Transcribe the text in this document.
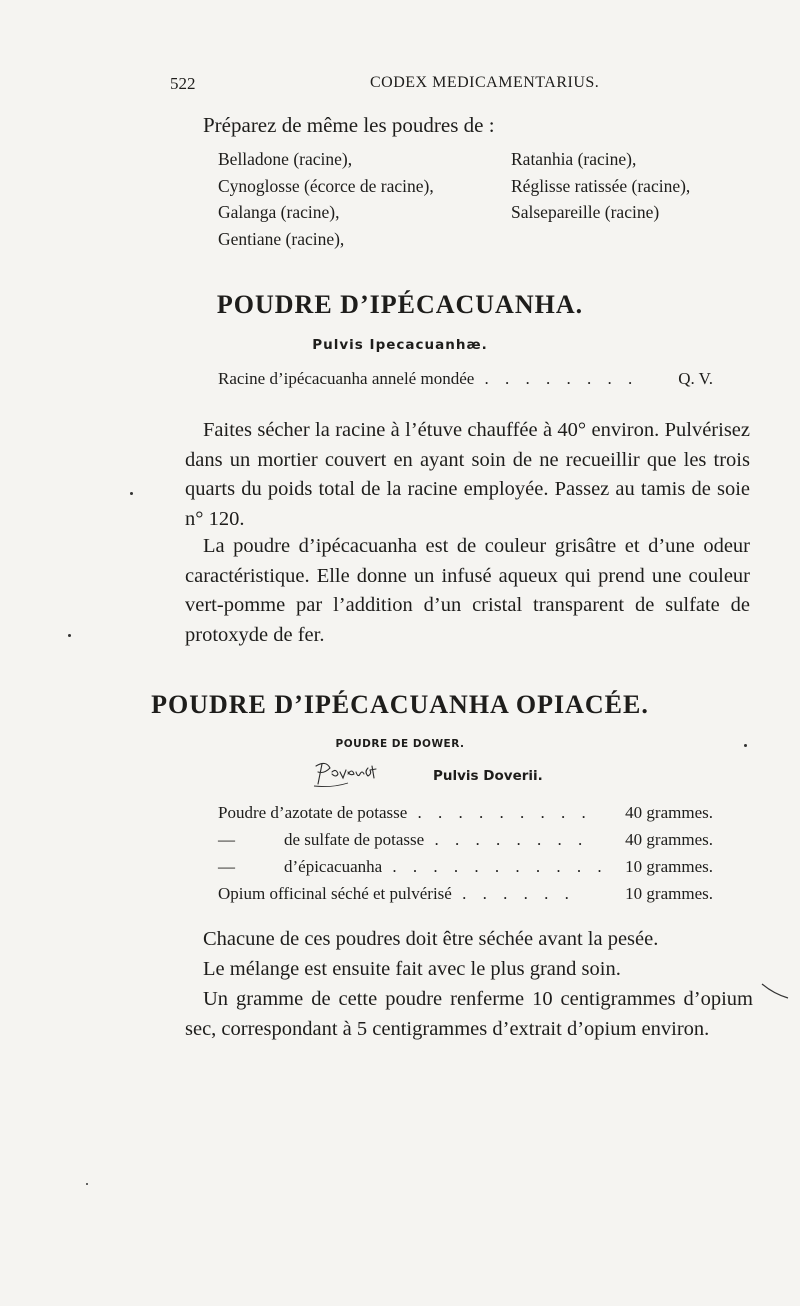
522	CODEX MEDICAMENTARIUS.
Préparez de même les poudres de :
Belladone (racine),
Cynoglosse (écorce de racine),
Galanga (racine),
Gentiane (racine),
Ratanhia (racine),
Réglisse ratissée (racine),
Salsepareille (racine)
POUDRE D’IPÉCACUANHA.
Pulvis Ipecacuanhæ.
Racine d’ipécacuanha annelé mondée . . . . . . . . Q. V.
Faites sécher la racine à l’étuve chauffée à 40° environ. Pulvérisez dans un mortier couvert en ayant soin de ne recueillir que les trois quarts du poids total de la racine employée. Passez au tamis de soie n° 120.
La poudre d’ipécacuanha est de couleur grisâtre et d’une odeur caractéristique. Elle donne un infusé aqueux qui prend une couleur vert-pomme par l’addition d’un cristal transparent de sulfate de protoxyde de fer.
POUDRE D’IPÉCACUANHA OPIACÉE.
POUDRE DE DOWER.
Pulvis Doverii.
Poudre d’azotate de potasse . . . . . . . . . 40 grammes.
—	de sulfate de potasse . . . . . . . . 40 grammes.
—	d’épicacuanha . . . . . . . . . . . 10 grammes.
Opium officinal séché et pulvérisé . . . . . .	10 grammes.
Chacune de ces poudres doit être séchée avant la pesée.
Le mélange est ensuite fait avec le plus grand soin.
Un gramme de cette poudre renferme 10 centigrammes d’opium sec, correspondant à 5 centigrammes d’extrait d’opium environ.
